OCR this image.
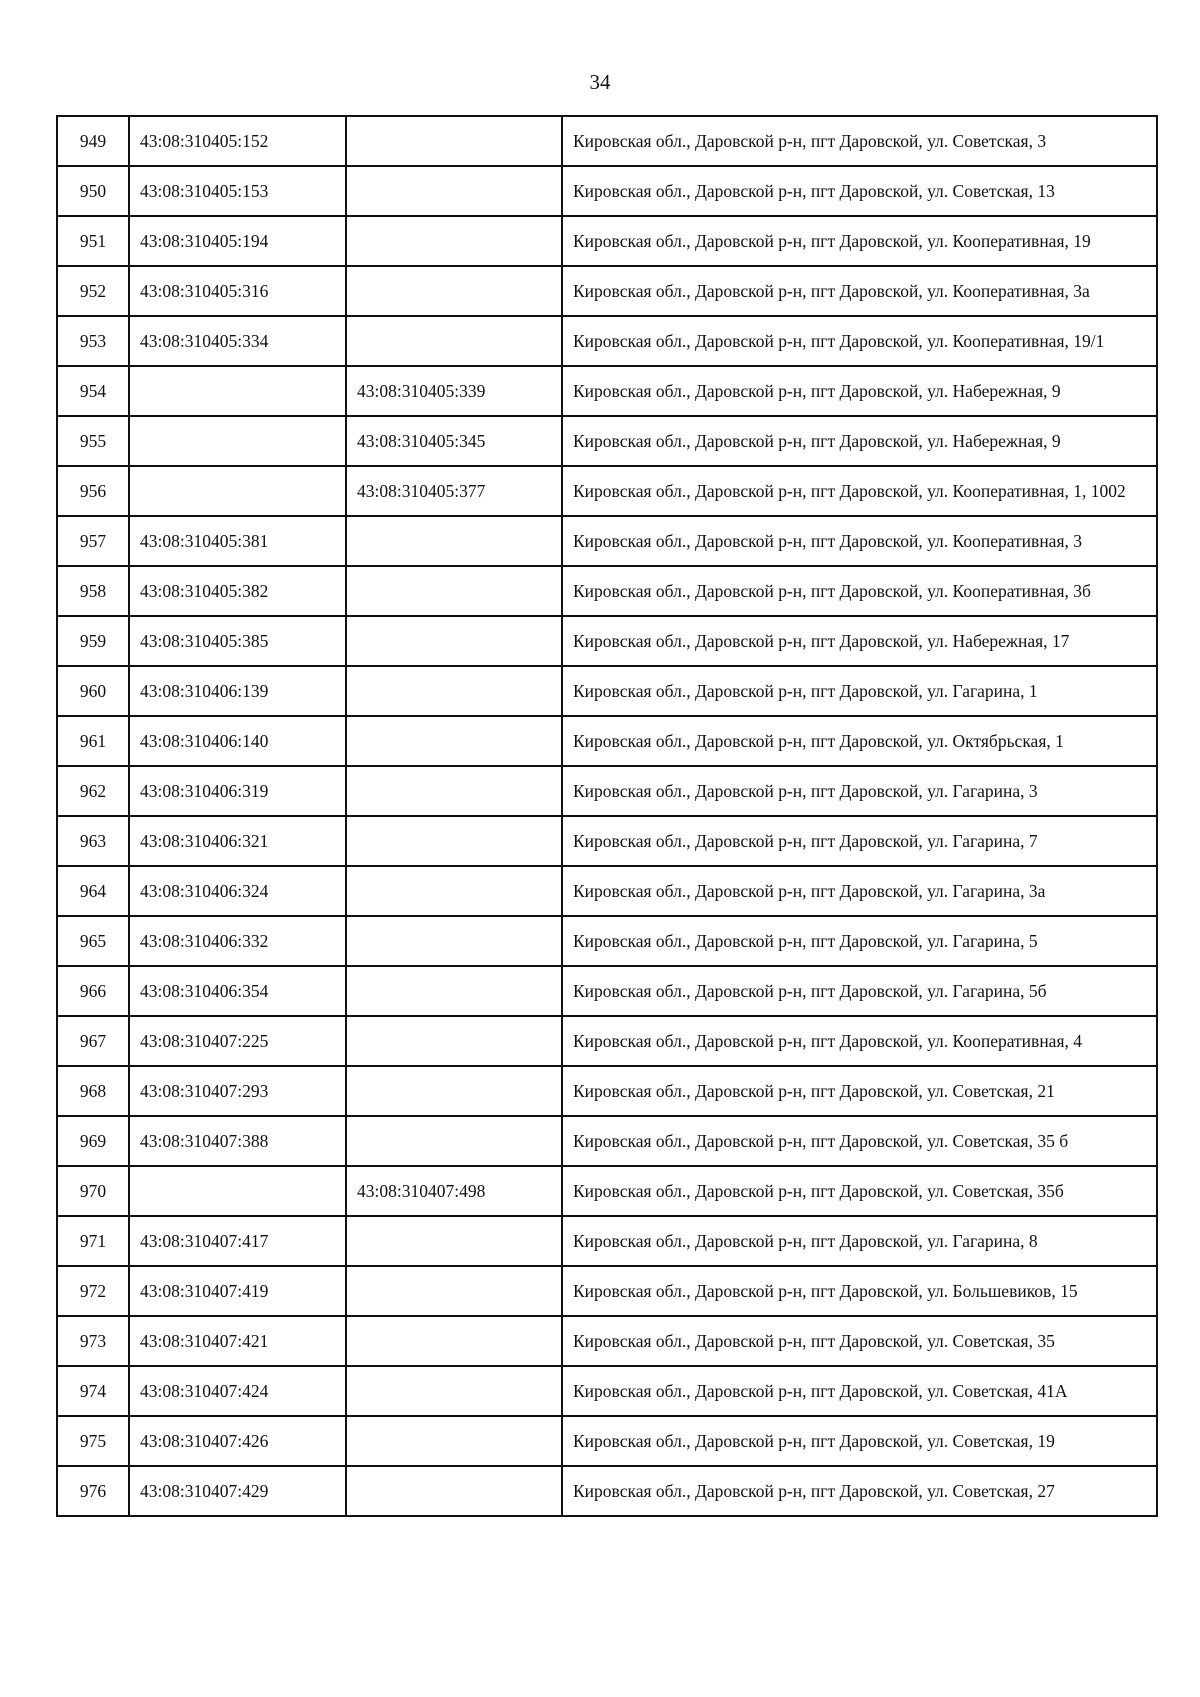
34
949	43:08:310405:152		Кировская обл., Даровской р-н, пгт Даровской, ул. Советская, 3
950	43:08:310405:153		Кировская обл., Даровской р-н, пгт Даровской, ул. Советская, 13
951	43:08:310405:194		Кировская обл., Даровской р-н, пгт Даровской, ул. Кооперативная, 19
952	43:08:310405:316		Кировская обл., Даровской р-н, пгт Даровской, ул. Кооперативная, 3а
953	43:08:310405:334		Кировская обл., Даровской р-н, пгт Даровской, ул. Кооперативная, 19/1
954		43:08:310405:339	Кировская обл., Даровской р-н, пгт Даровской, ул. Набережная, 9
955		43:08:310405:345	Кировская обл., Даровской р-н, пгт Даровской, ул. Набережная, 9
956		43:08:310405:377	Кировская обл., Даровской р-н, пгт Даровской, ул. Кооперативная, 1, 1002
957	43:08:310405:381		Кировская обл., Даровской р-н, пгт Даровской, ул. Кооперативная, 3
958	43:08:310405:382		Кировская обл., Даровской р-н, пгт Даровской, ул. Кооперативная, 3б
959	43:08:310405:385		Кировская обл., Даровской р-н, пгт Даровской, ул. Набережная, 17
960	43:08:310406:139		Кировская обл., Даровской р-н, пгт Даровской, ул. Гагарина, 1
961	43:08:310406:140		Кировская обл., Даровской р-н, пгт Даровской, ул. Октябрьская, 1
962	43:08:310406:319		Кировская обл., Даровской р-н, пгт Даровской, ул. Гагарина, 3
963	43:08:310406:321		Кировская обл., Даровской р-н, пгт Даровской, ул. Гагарина, 7
964	43:08:310406:324		Кировская обл., Даровской р-н, пгт Даровской, ул. Гагарина, 3а
965	43:08:310406:332		Кировская обл., Даровской р-н, пгт Даровской, ул. Гагарина, 5
966	43:08:310406:354		Кировская обл., Даровской р-н, пгт Даровской, ул. Гагарина, 5б
967	43:08:310407:225		Кировская обл., Даровской р-н, пгт Даровской, ул. Кооперативная, 4
968	43:08:310407:293		Кировская обл., Даровской р-н, пгт Даровской, ул. Советская, 21
969	43:08:310407:388		Кировская обл., Даровской р-н, пгт Даровской, ул. Советская, 35 б
970		43:08:310407:498	Кировская обл., Даровской р-н, пгт Даровской, ул. Советская, 35б
971	43:08:310407:417		Кировская обл., Даровской р-н, пгт Даровской, ул. Гагарина, 8
972	43:08:310407:419		Кировская обл., Даровской р-н, пгт Даровской, ул. Большевиков, 15
973	43:08:310407:421		Кировская обл., Даровской р-н, пгт Даровской, ул. Советская, 35
974	43:08:310407:424		Кировская обл., Даровской р-н, пгт Даровской, ул. Советская, 41А
975	43:08:310407:426		Кировская обл., Даровской р-н, пгт Даровской, ул. Советская, 19
976	43:08:310407:429		Кировская обл., Даровской р-н, пгт Даровской, ул. Советская, 27
